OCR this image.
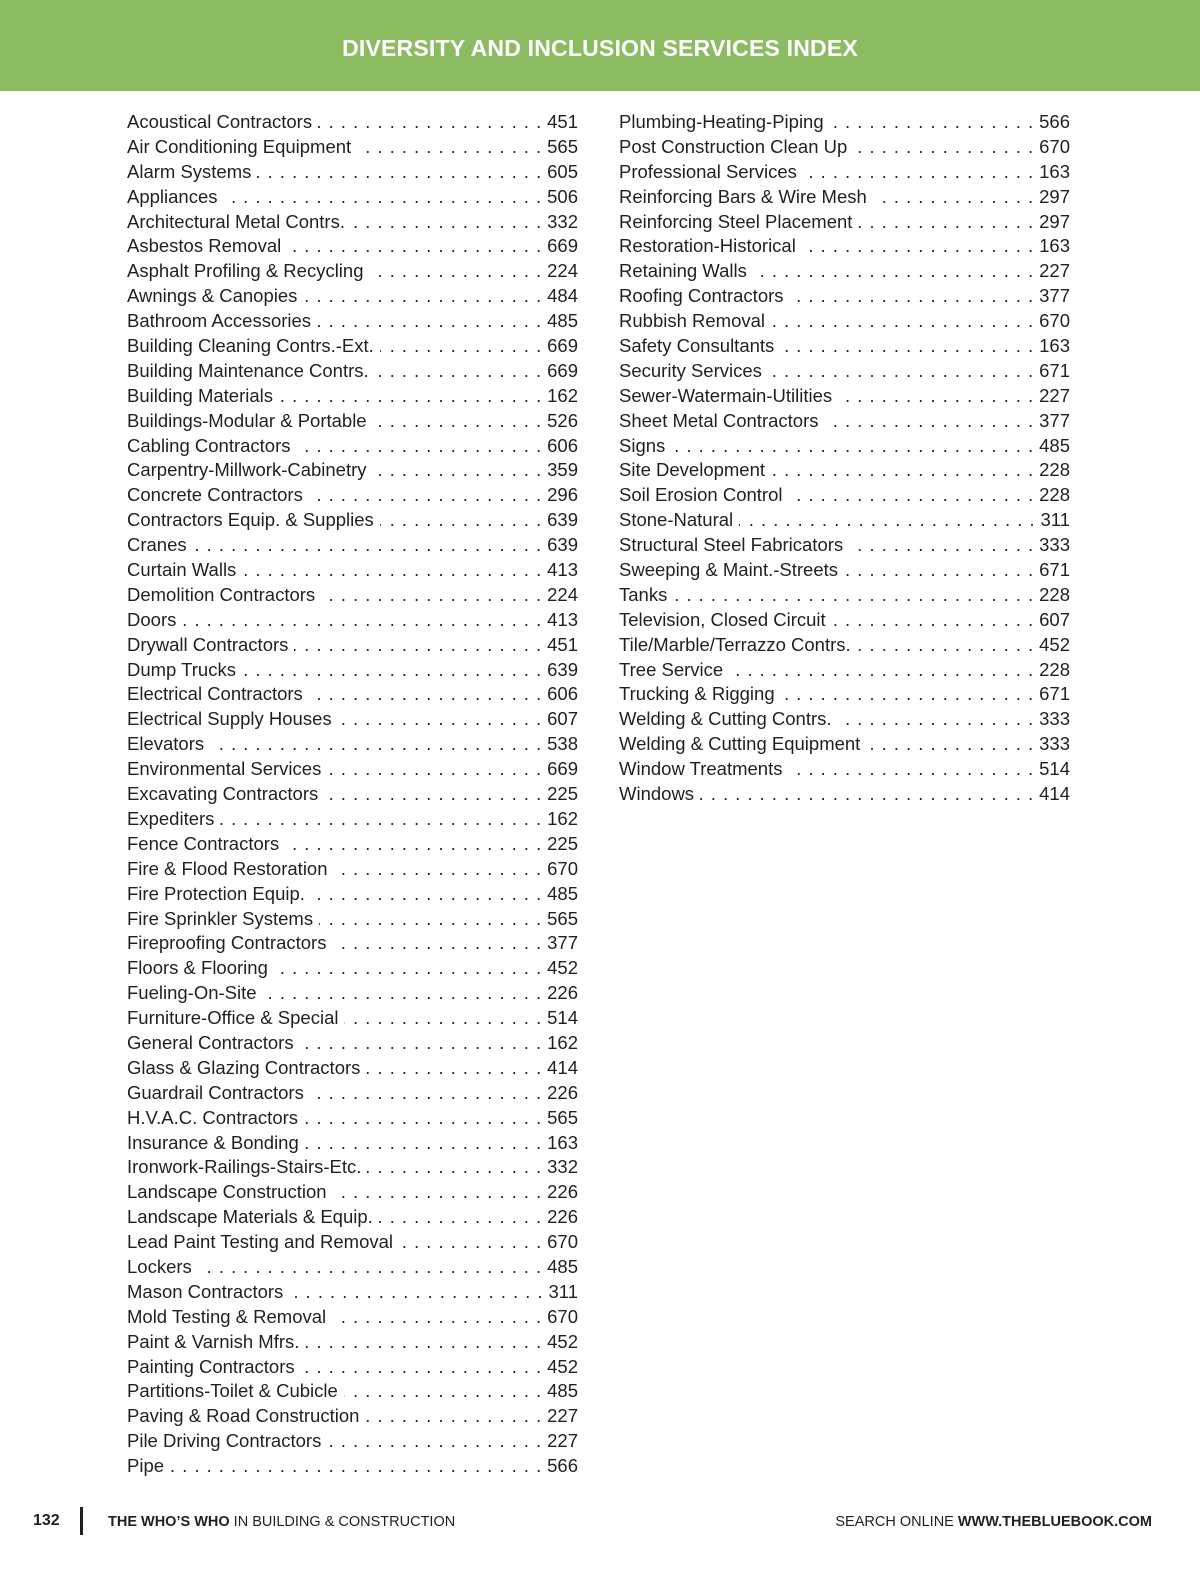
DIVERSITY AND INCLUSION SERVICES INDEX
Acoustical Contractors . . .	451
Air Conditioning Equipment . . .	565
Alarm Systems . . .	605
Appliances . . .	506
Architectural Metal Contrs. . . .	332
Asbestos Removal . . .	669
Asphalt Profiling & Recycling . . .	224
Awnings & Canopies . . .	484
Bathroom Accessories . . .	485
Building Cleaning Contrs.-Ext. . . .	669
Building Maintenance Contrs. . . .	669
Building Materials . . .	162
Buildings-Modular & Portable . . .	526
Cabling Contractors . . .	606
Carpentry-Millwork-Cabinetry . . .	359
Concrete Contractors . . .	296
Contractors Equip. & Supplies . . .	639
Cranes . . .	639
Curtain Walls . . .	413
Demolition Contractors . . .	224
Doors . . .	413
Drywall Contractors . . .	451
Dump Trucks . . .	639
Electrical Contractors . . .	606
Electrical Supply Houses . . .	607
Elevators . . .	538
Environmental Services . . .	669
Excavating Contractors . . .	225
Expediters . . .	162
Fence Contractors . . .	225
Fire & Flood Restoration . . .	670
Fire Protection Equip. . . .	485
Fire Sprinkler Systems . . .	565
Fireproofing Contractors . . .	377
Floors & Flooring . . .	452
Fueling-On-Site . . .	226
Furniture-Office & Special . . .	514
General Contractors . . .	162
Glass & Glazing Contractors . . .	414
Guardrail Contractors . . .	226
H.V.A.C. Contractors . . .	565
Insurance & Bonding . . .	163
Ironwork-Railings-Stairs-Etc. . . .	332
Landscape Construction . . .	226
Landscape Materials & Equip. . . .	226
Lead Paint Testing and Removal . . .	670
Lockers . . .	485
Mason Contractors . . .	311
Mold Testing & Removal . . .	670
Paint & Varnish Mfrs. . . .	452
Painting Contractors . . .	452
Partitions-Toilet & Cubicle . . .	485
Paving & Road Construction . . .	227
Pile Driving Contractors . . .	227
Pipe . . .	566
Plumbing-Heating-Piping . . .	566
Post Construction Clean Up . . .	670
Professional Services . . .	163
Reinforcing Bars & Wire Mesh . . .	297
Reinforcing Steel Placement . . .	297
Restoration-Historical . . .	163
Retaining Walls . . .	227
Roofing Contractors . . .	377
Rubbish Removal . . .	670
Safety Consultants . . .	163
Security Services . . .	671
Sewer-Watermain-Utilities . . .	227
Sheet Metal Contractors . . .	377
Signs . . .	485
Site Development . . .	228
Soil Erosion Control . . .	228
Stone-Natural . . .	311
Structural Steel Fabricators . . .	333
Sweeping & Maint.-Streets . . .	671
Tanks . . .	228
Television, Closed Circuit . . .	607
Tile/Marble/Terrazzo Contrs. . . .	452
Tree Service . . .	228
Trucking & Rigging . . .	671
Welding & Cutting Contrs. . . .	333
Welding & Cutting Equipment . . .	333
Window Treatments . . .	514
Windows . . .	414
132	THE WHO’S WHO IN BUILDING & CONSTRUCTION	SEARCH ONLINE WWW.THEBLUEBOOK.COM
